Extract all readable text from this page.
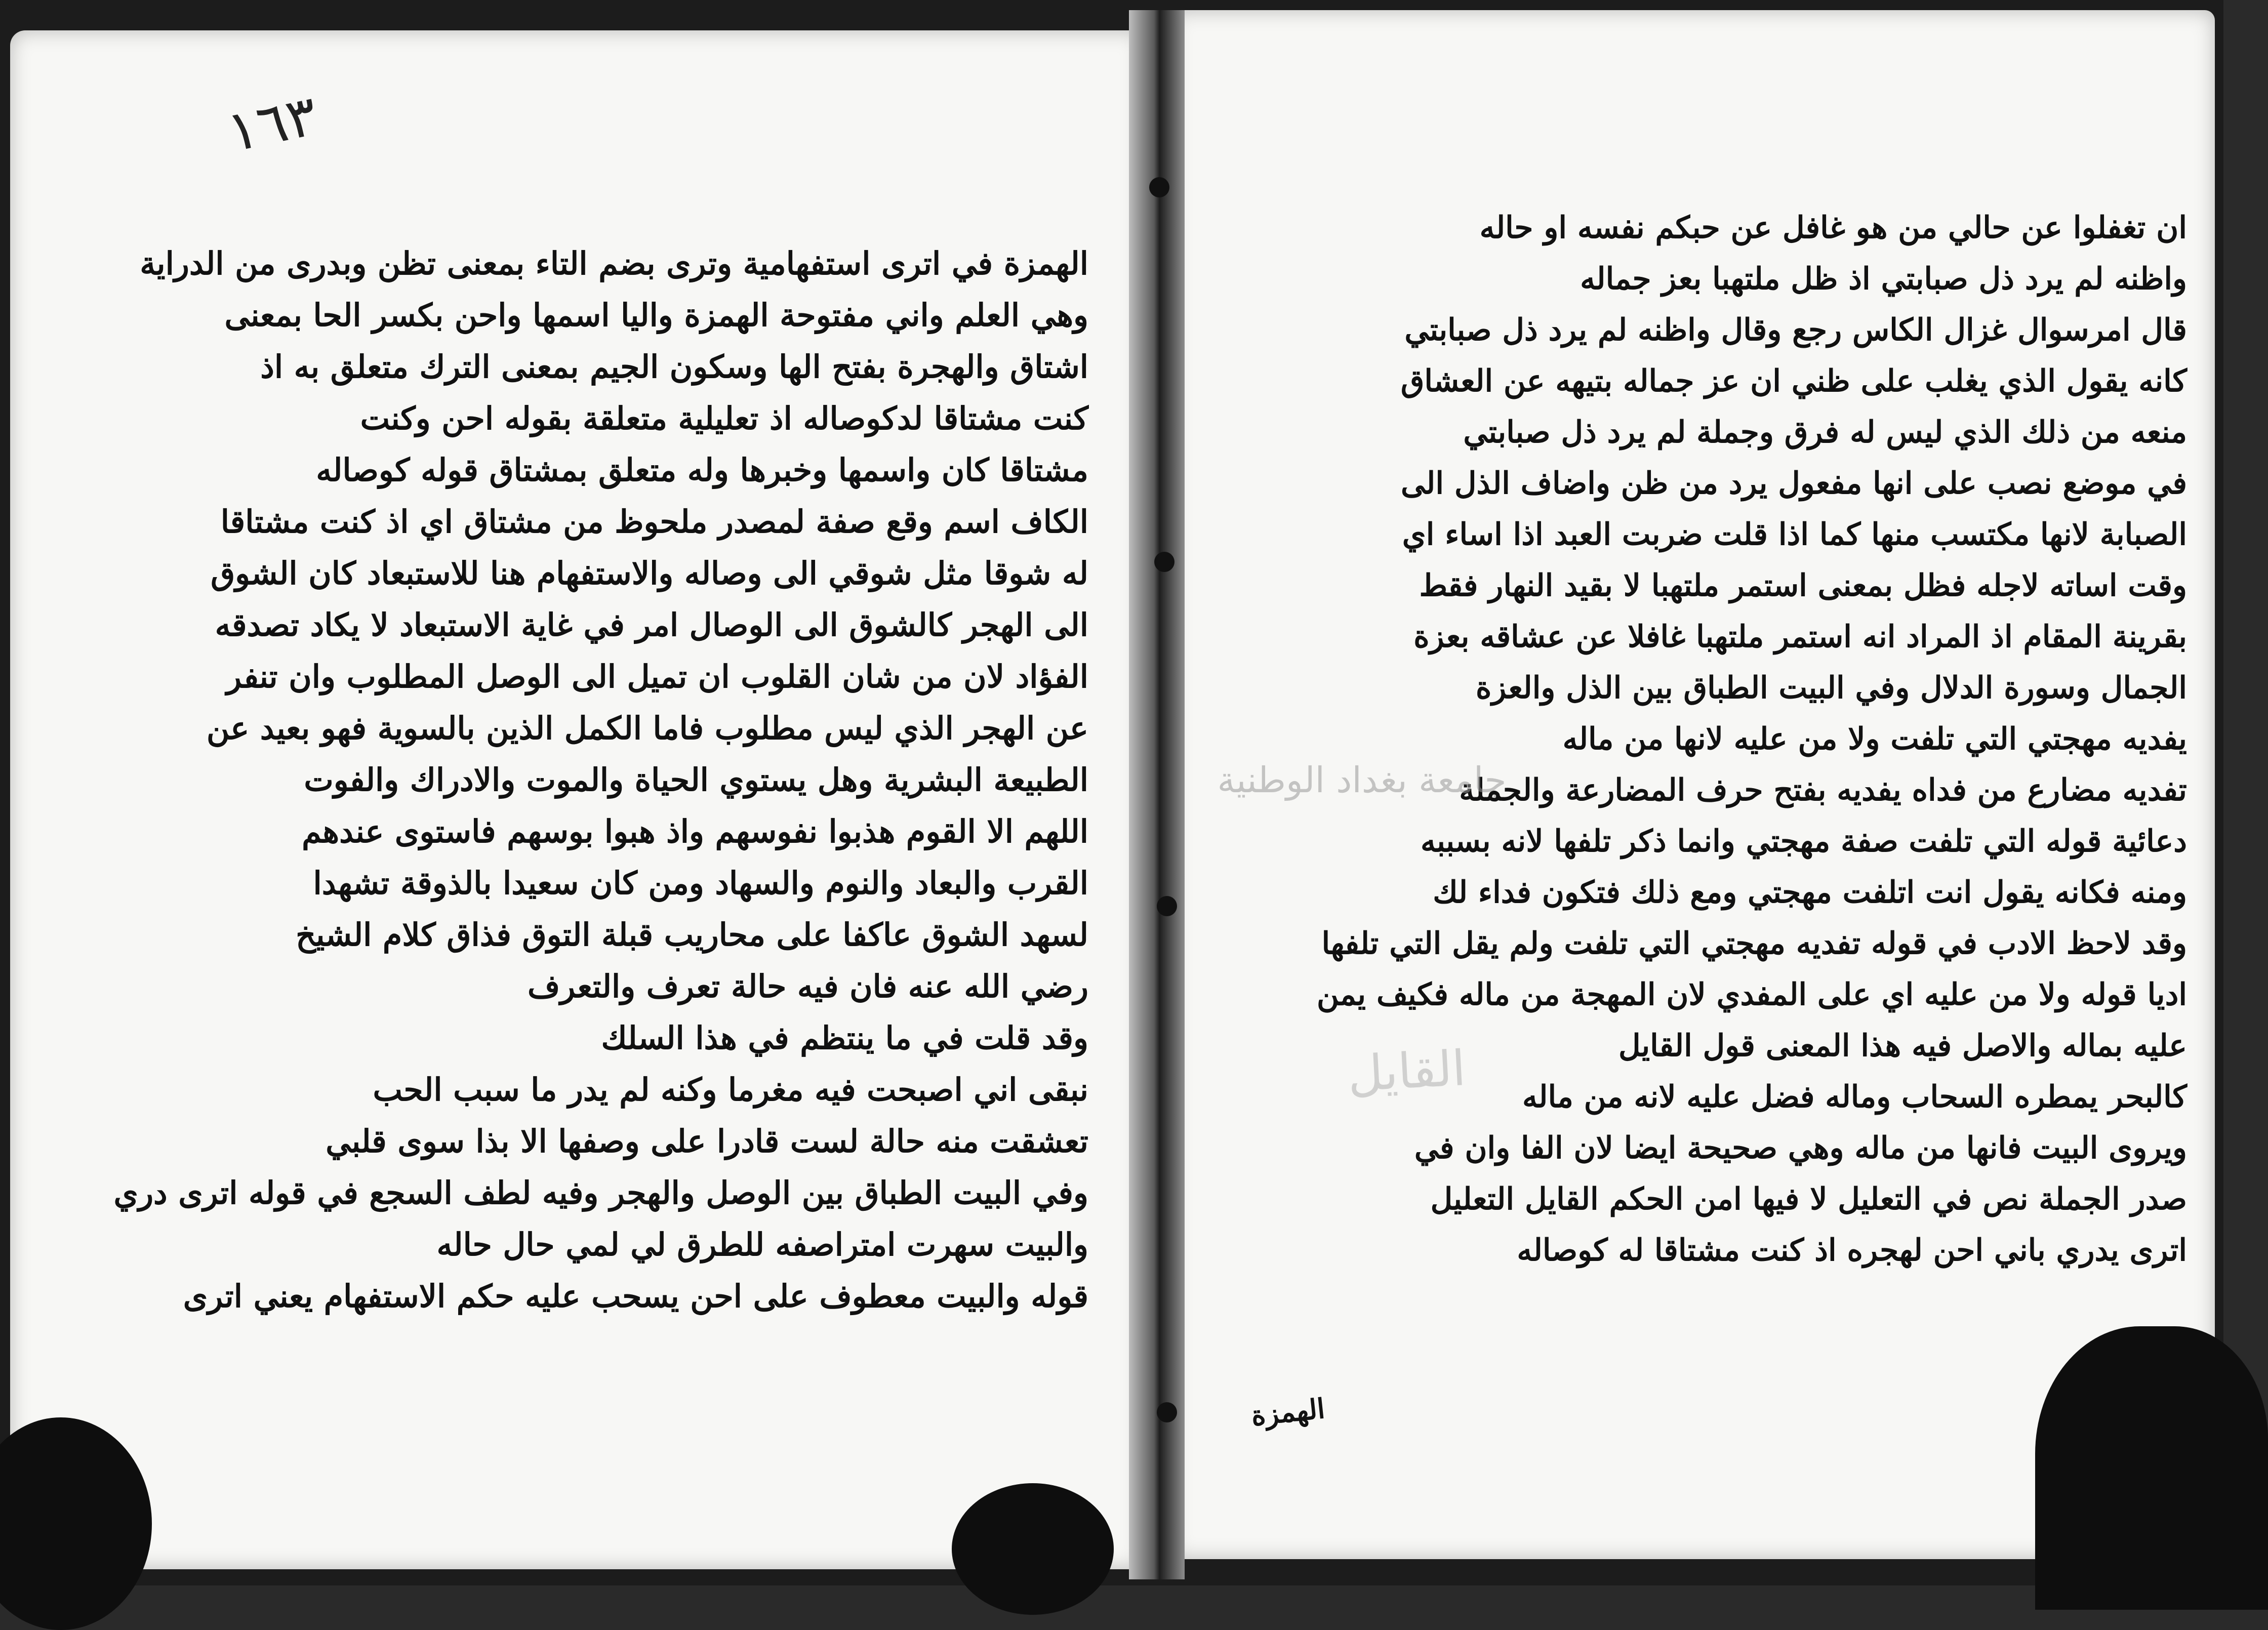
١٦٣
الهمزة في اترى استفهامية وترى بضم التاء بمعنى تظن وبدرى من الدراية
وهي العلم واني مفتوحة الهمزة واليا اسمها واحن بكسر الحا بمعنى
اشتاق والهجرة بفتح الها وسكون الجيم بمعنى الترك متعلق به اذ
كنت مشتاقا لدكوصاله اذ تعليلية متعلقة بقوله احن وكنت
مشتاقا كان واسمها وخبرها وله متعلق بمشتاق قوله كوصاله
الكاف اسم وقع صفة لمصدر ملحوظ من مشتاق اي اذ كنت مشتاقا
له شوقا مثل شوقي الى وصاله والاستفهام هنا للاستبعاد كان الشوق
الى الهجر كالشوق الى الوصال امر في غاية الاستبعاد لا يكاد تصدقه
الفؤاد لان من شان القلوب ان تميل الى الوصل المطلوب وان تنفر
عن الهجر الذي ليس مطلوب فاما الكمل الذين بالسوية فهو بعيد عن
الطبيعة البشرية وهل يستوي الحياة والموت والادراك والفوت
اللهم الا القوم هذبوا نفوسهم واذ هبوا بوسهم فاستوى عندهم
القرب والبعاد والنوم والسهاد ومن كان سعيدا بالذوقة تشهدا
لسهد الشوق عاكفا على محاريب قبلة التوق فذاق كلام الشيخ
رضي الله عنه فان فيه حالة تعرف والتعرف
وقد قلت في ما ينتظم في هذا السلك
نبقى اني اصبحت فيه مغرما وكنه لم يدر ما سبب الحب
تعشقت منه حالة لست قادرا على وصفها الا بذا سوى قلبي
وفي البيت الطباق بين الوصل والهجر وفيه لطف السجع في قوله اترى دري
والبيت سهرت امتراصفه للطرق لي لمي حال حاله
قوله والبيت معطوف على احن يسحب عليه حكم الاستفهام يعني اترى
ان تغفلوا عن حالي من هو غافل عن حبكم نفسه او حاله
واظنه لم يرد ذل صبابتي اذ ظل ملتهبا بعز جماله
قال امرسوال غزال الكاس رجع وقال واظنه لم يرد ذل صبابتي
كانه يقول الذي يغلب على ظني ان عز جماله بتيهه عن العشاق
منعه من ذلك الذي ليس له فرق وجملة لم يرد ذل صبابتي
في موضع نصب على انها مفعول يرد من ظن واضاف الذل الى
الصبابة لانها مكتسب منها كما اذا قلت ضربت العبد اذا اساء اي
وقت اساته لاجله فظل بمعنى استمر ملتهبا لا بقيد النهار فقط
بقرينة المقام اذ المراد انه استمر ملتهبا غافلا عن عشاقه بعزة
الجمال وسورة الدلال وفي البيت الطباق بين الذل والعزة
يفديه مهجتي التي تلفت ولا من عليه لانها من ماله
تفديه مضارع من فداه يفديه بفتح حرف المضارعة والجملة
دعائية قوله التي تلفت صفة مهجتي وانما ذكر تلفها لانه بسببه
ومنه فكانه يقول انت اتلفت مهجتي ومع ذلك فتكون فداء لك
وقد لاحظ الادب في قوله تفديه مهجتي التي تلفت ولم يقل التي تلفها
اديا قوله ولا من عليه اي على المفدي لان المهجة من ماله فكيف يمن
عليه بماله والاصل فيه هذا المعنى قول القايل
كالبحر يمطره السحاب وماله فضل عليه لانه من ماله
ويروى البيت فانها من ماله وهي صحيحة ايضا لان الفا وان في
صدر الجملة نص في التعليل لا فيها امن الحكم القايل التعليل
اترى يدري باني احن لهجره اذ كنت مشتاقا له كوصاله
الهمزة
جامعة بغداد الوطنية
القايل
